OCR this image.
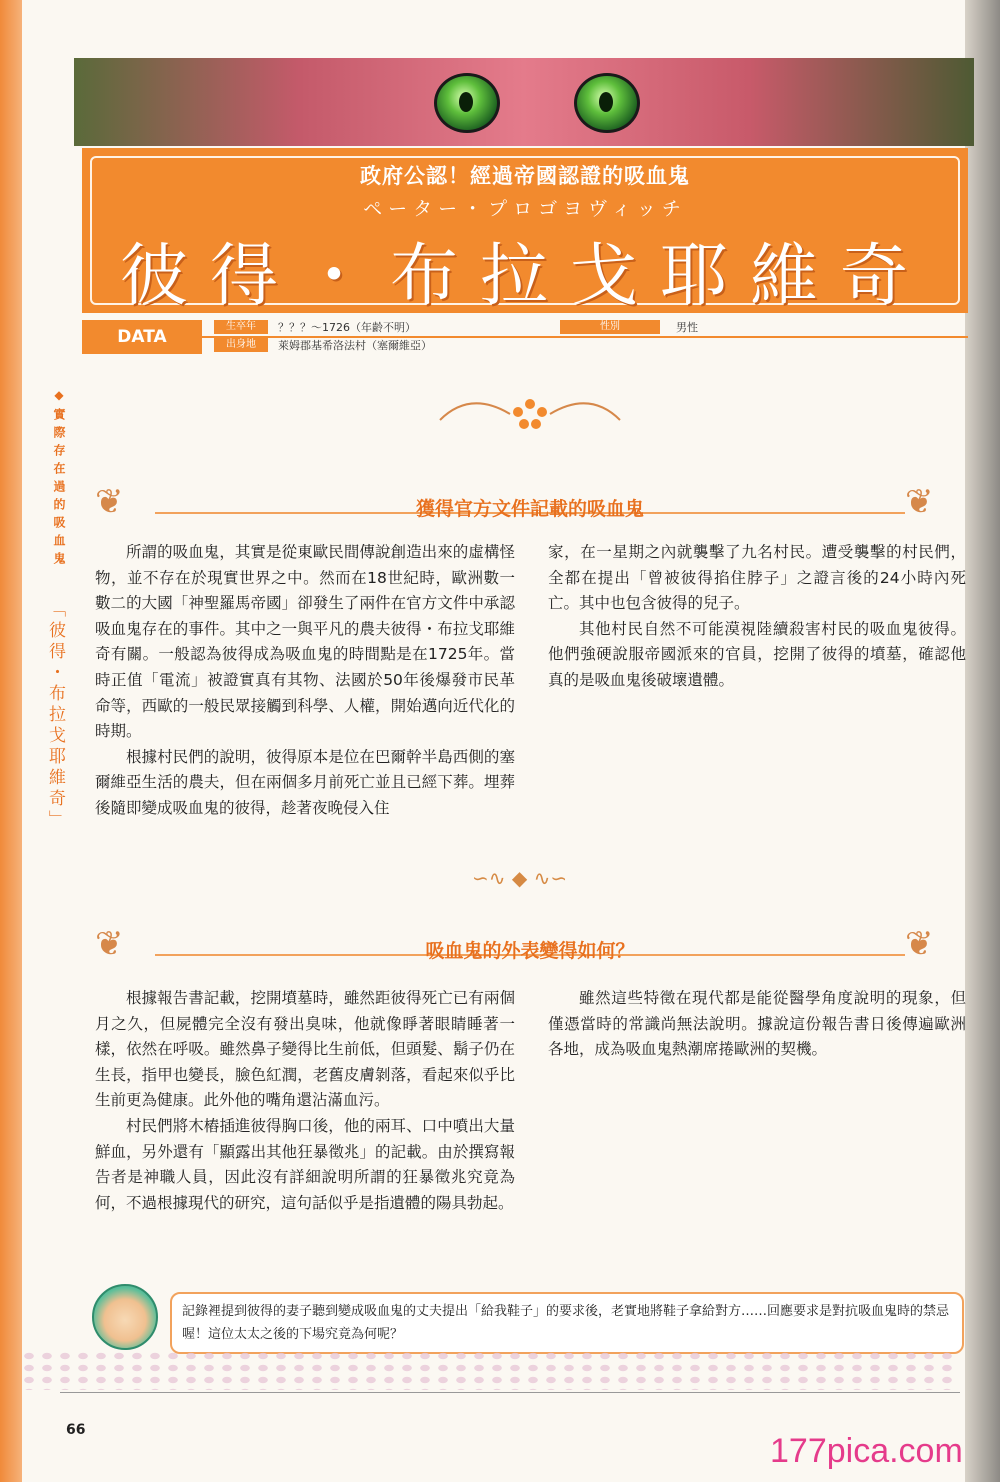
政府公認！經過帝國認證的吸血鬼
ペーター・プロゴヨヴィッチ
彼得・布拉戈耶維奇
DATA
生卒年	？？？～1726（年齡不明）
出身地	萊姆郡基希洛法村（塞爾維亞）
性別	男性
◆實際存在過的吸血鬼
「彼得・布拉戈耶維奇」
❦	獲得官方文件記載的吸血鬼	❦

所謂的吸血鬼，其實是從東歐民間傳說創造出來的虛構怪物，並不存在於現實世界之中。然而在18世紀時，歐洲數一數二的大國「神聖羅馬帝國」卻發生了兩件在官方文件中承認吸血鬼存在的事件。其中之一與平凡的農夫彼得・布拉戈耶維奇有關。一般認為彼得成為吸血鬼的時間點是在1725年。當時正值「電流」被證實真有其物、法國於50年後爆發市民革命等，西歐的一般民眾接觸到科學、人權，開始邁向近代化的時期。

根據村民們的說明，彼得原本是位在巴爾幹半島西側的塞爾維亞生活的農夫，但在兩個多月前死亡並且已經下葬。埋葬後隨即變成吸血鬼的彼得，趁著夜晚侵入住

家，在一星期之內就襲擊了九名村民。遭受襲擊的村民們，全都在提出「曾被彼得掐住脖子」之證言後的24小時內死亡。其中也包含彼得的兒子。

其他村民自然不可能漠視陸續殺害村民的吸血鬼彼得。他們強硬說服帝國派來的官員，挖開了彼得的墳墓，確認他真的是吸血鬼後破壞遺體。

∽∿ ◆ ∿∽
❦	吸血鬼的外表變得如何？	❦

根據報告書記載，挖開墳墓時，雖然距彼得死亡已有兩個月之久，但屍體完全沒有發出臭味，他就像睜著眼睛睡著一樣，依然在呼吸。雖然鼻子變得比生前低，但頭髮、鬍子仍在生長，指甲也變長，臉色紅潤，老舊皮膚剝落，看起來似乎比生前更為健康。此外他的嘴角還沾滿血污。

村民們將木樁插進彼得胸口後，他的兩耳、口中噴出大量鮮血，另外還有「顯露出其他狂暴徵兆」的記載。由於撰寫報告者是神職人員，因此沒有詳細說明所謂的狂暴徵兆究竟為何，不過根據現代的研究，這句話似乎是指遺體的陽具勃起。

雖然這些特徵在現代都是能從醫學角度說明的現象，但僅憑當時的常識尚無法說明。據說這份報告書日後傳遍歐洲各地，成為吸血鬼熱潮席捲歐洲的契機。

記錄裡提到彼得的妻子聽到變成吸血鬼的丈夫提出「給我鞋子」的要求後，老實地將鞋子拿給對方……回應要求是對抗吸血鬼時的禁忌喔！這位太太之後的下場究竟為何呢？
66
177pica.com
